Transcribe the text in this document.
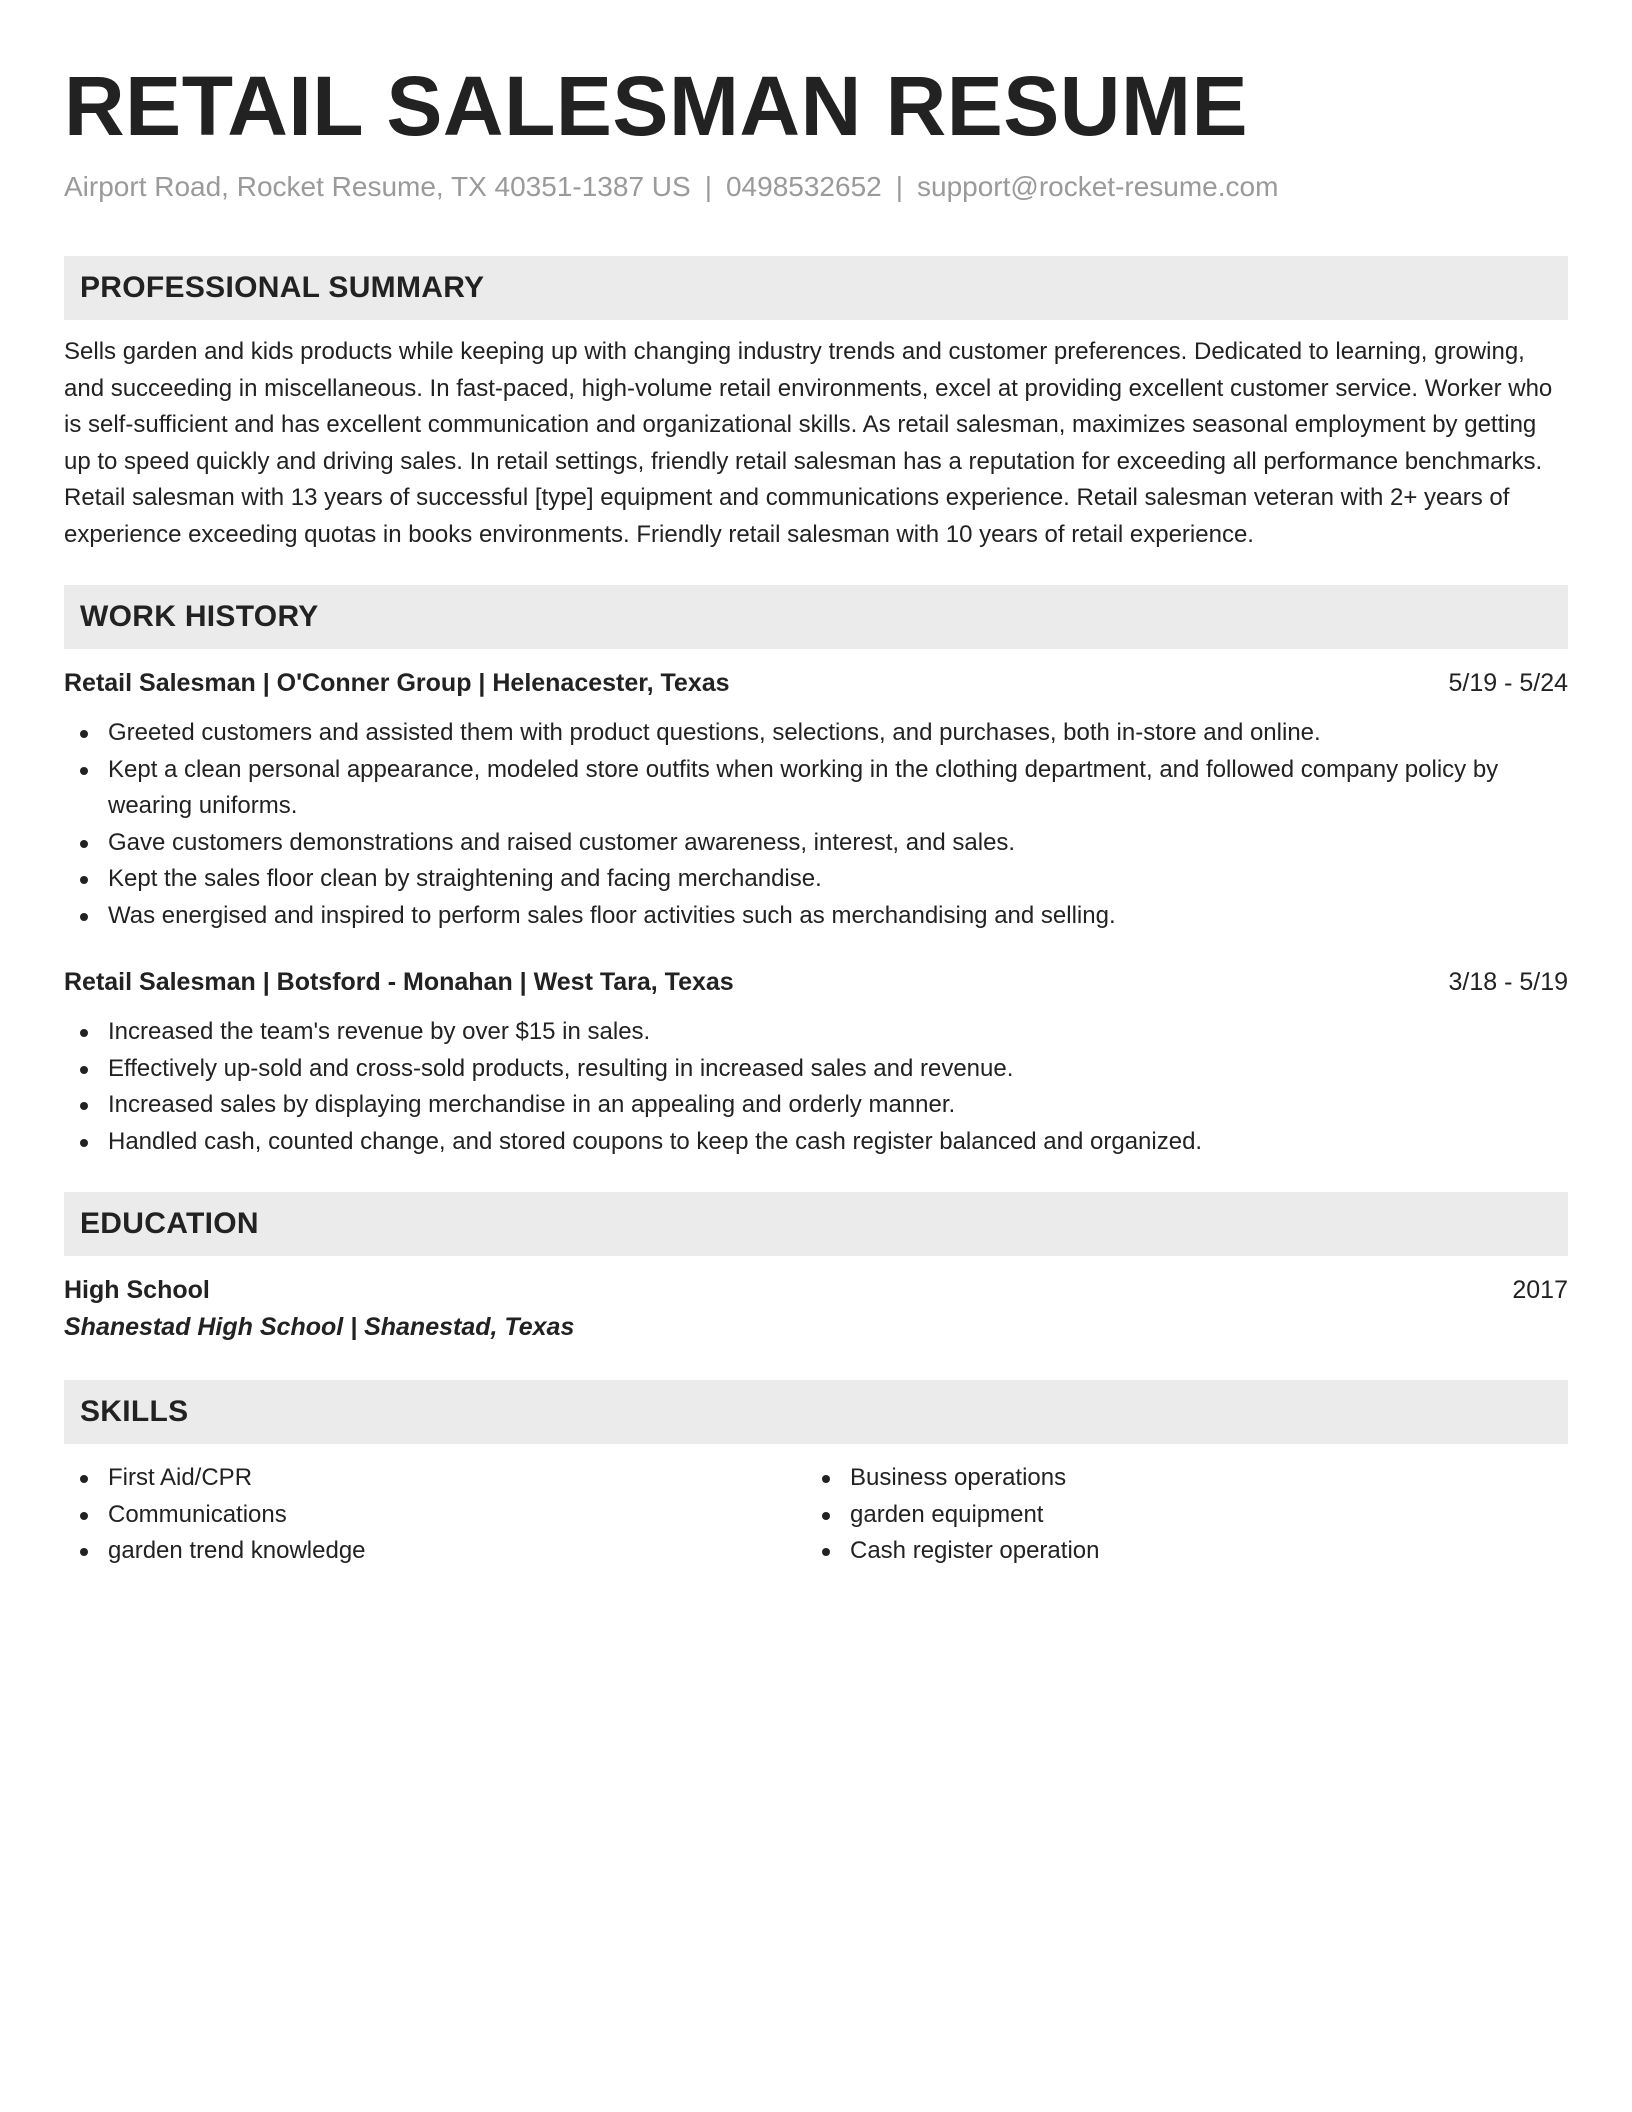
RETAIL SALESMAN RESUME
Airport Road, Rocket Resume, TX 40351-1387 US | 0498532652 | support@rocket-resume.com
PROFESSIONAL SUMMARY
Sells garden and kids products while keeping up with changing industry trends and customer preferences. Dedicated to learning, growing, and succeeding in miscellaneous. In fast-paced, high-volume retail environments, excel at providing excellent customer service. Worker who is self-sufficient and has excellent communication and organizational skills. As retail salesman, maximizes seasonal employment by getting up to speed quickly and driving sales. In retail settings, friendly retail salesman has a reputation for exceeding all performance benchmarks. Retail salesman with 13 years of successful [type] equipment and communications experience. Retail salesman veteran with 2+ years of experience exceeding quotas in books environments. Friendly retail salesman with 10 years of retail experience.
WORK HISTORY
Retail Salesman | O'Conner Group | Helenacester, Texas	5/19 - 5/24
Greeted customers and assisted them with product questions, selections, and purchases, both in-store and online.
Kept a clean personal appearance, modeled store outfits when working in the clothing department, and followed company policy by wearing uniforms.
Gave customers demonstrations and raised customer awareness, interest, and sales.
Kept the sales floor clean by straightening and facing merchandise.
Was energised and inspired to perform sales floor activities such as merchandising and selling.
Retail Salesman | Botsford - Monahan | West Tara, Texas	3/18 - 5/19
Increased the team's revenue by over $15 in sales.
Effectively up-sold and cross-sold products, resulting in increased sales and revenue.
Increased sales by displaying merchandise in an appealing and orderly manner.
Handled cash, counted change, and stored coupons to keep the cash register balanced and organized.
EDUCATION
High School	2017
Shanestad High School | Shanestad, Texas
SKILLS
First Aid/CPR
Communications
garden trend knowledge
Business operations
garden equipment
Cash register operation
